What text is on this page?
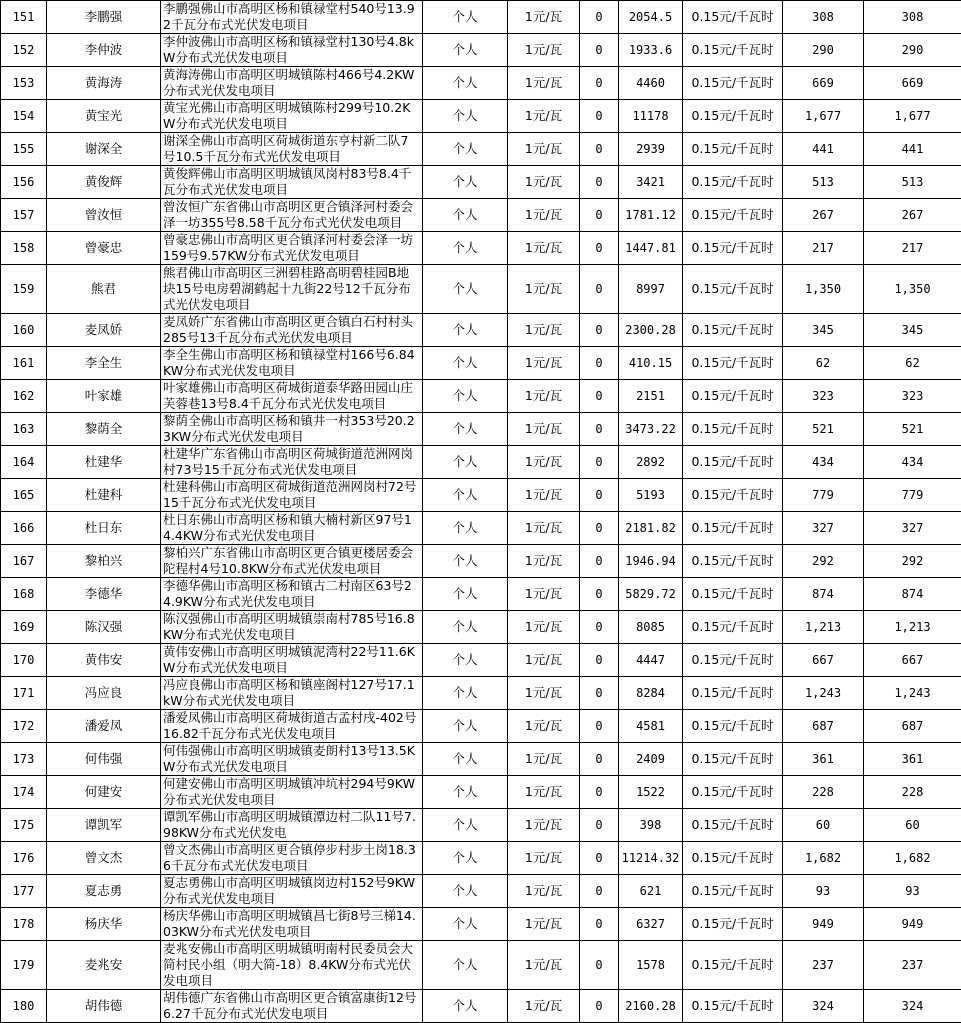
151	李鹏强	李鹏强佛山市高明区杨和镇禄堂村540号13.92千瓦分布式光伏发电项目	个人	1元/瓦	0	2054.5	0.15元/千瓦时	308	308
152	李仲波	李仲波佛山市高明区杨和镇禄堂村130号4.8kW分布式光伏发电项目	个人	1元/瓦	0	1933.6	0.15元/千瓦时	290	290
153	黄海涛	黄海涛佛山市高明区明城镇陈村466号4.2KW分布式光伏发电项目	个人	1元/瓦	0	4460	0.15元/千瓦时	669	669
154	黄宝光	黄宝光佛山市高明区明城镇陈村299号10.2KW分布式光伏发电项目	个人	1元/瓦	0	11178	0.15元/千瓦时	1,677	1,677
155	谢深全	谢深全佛山市高明区荷城街道东亨村新二队7号10.5千瓦分布式光伏发电项目	个人	1元/瓦	0	2939	0.15元/千瓦时	441	441
156	黄俊辉	黄俊辉佛山市高明区明城镇凤岗村83号8.4千瓦分布式光伏发电项目	个人	1元/瓦	0	3421	0.15元/千瓦时	513	513
157	曾汝恒	曾汝恒广东省佛山市高明区更合镇泽河村委会泽一坊355号8.58千瓦分布式光伏发电项目	个人	1元/瓦	0	1781.12	0.15元/千瓦时	267	267
158	曾豪忠	曾豪忠佛山市高明区更合镇泽河村委会泽一坊159号9.57KW分布式光伏发电项目	个人	1元/瓦	0	1447.81	0.15元/千瓦时	217	217
159	熊君	熊君佛山市高明区三洲碧桂路高明碧桂园B地块15号电房碧湖鹤起十九街22号12千瓦分布式光伏发电项目	个人	1元/瓦	0	8997	0.15元/千瓦时	1,350	1,350
160	麦凤娇	麦凤娇广东省佛山市高明区更合镇白石村村头285号13千瓦分布式光伏发电项目	个人	1元/瓦	0	2300.28	0.15元/千瓦时	345	345
161	李全生	李全生佛山市高明区杨和镇禄堂村166号6.84KW分布式光伏发电项目	个人	1元/瓦	0	410.15	0.15元/千瓦时	62	62
162	叶家雄	叶家雄佛山市高明区荷城街道泰华路田园山庄芙蓉巷13号8.4千瓦分布式光伏发电项目	个人	1元/瓦	0	2151	0.15元/千瓦时	323	323
163	黎荫全	黎荫全佛山市高明区杨和镇井一村353号20.23KW分布式光伏发电项目	个人	1元/瓦	0	3473.22	0.15元/千瓦时	521	521
164	杜建华	杜建华广东省佛山市高明区荷城街道范洲网岗村73号15千瓦分布式光伏发电项目	个人	1元/瓦	0	2892	0.15元/千瓦时	434	434
165	杜建科	杜建科佛山市高明区荷城街道范洲网岗村72号15千瓦分布式光伏发电项目	个人	1元/瓦	0	5193	0.15元/千瓦时	779	779
166	杜日东	杜日东佛山市高明区杨和镇大楠村新区97号14.4KW分布式光伏发电项目	个人	1元/瓦	0	2181.82	0.15元/千瓦时	327	327
167	黎柏兴	黎柏兴广东省佛山市高明区更合镇更楼居委会陀程村4号10.8KW分布式光伏发电项目	个人	1元/瓦	0	1946.94	0.15元/千瓦时	292	292
168	李德华	李德华佛山市高明区杨和镇古二村南区63号24.9KW分布式光伏发电项目	个人	1元/瓦	0	5829.72	0.15元/千瓦时	874	874
169	陈汉强	陈汉强佛山市高明区明城镇崇南村785号16.8KW分布式光伏发电项目	个人	1元/瓦	0	8085	0.15元/千瓦时	1,213	1,213
170	黄伟安	黄伟安佛山市高明区明城镇泥湾村22号11.6KW分布式光伏发电项目	个人	1元/瓦	0	4447	0.15元/千瓦时	667	667
171	冯应良	冯应良佛山市高明区杨和镇座阁村127号17.1kW分布式光伏发电项目	个人	1元/瓦	0	8284	0.15元/千瓦时	1,243	1,243
172	潘爱凤	潘爱凤佛山市高明区荷城街道古孟村戌-402号16.82千瓦分布式光伏发电项目	个人	1元/瓦	0	4581	0.15元/千瓦时	687	687
173	何伟强	何伟强佛山市高明区明城镇麦朗村13号13.5KW分布式光伏发电项目	个人	1元/瓦	0	2409	0.15元/千瓦时	361	361
174	何建安	何建安佛山市高明区明城镇冲坑村294号9KW分布式光伏发电项目	个人	1元/瓦	0	1522	0.15元/千瓦时	228	228
175	谭凯军	谭凯军佛山市高明区明城镇潭边村二队11号7.98KW分布式光伏发电	个人	1元/瓦	0	398	0.15元/千瓦时	60	60
176	曾文杰	曾文杰佛山市高明区更合镇停步村步土岗18.36千瓦分布式光伏发电项目	个人	1元/瓦	0	11214.32	0.15元/千瓦时	1,682	1,682
177	夏志勇	夏志勇佛山市高明区明城镇岗边村152号9KW分布式光伏发电项目	个人	1元/瓦	0	621	0.15元/千瓦时	93	93
178	杨庆华	杨庆华佛山市高明区明城镇昌七街8号三梯14.03KW分布式光伏发电项目	个人	1元/瓦	0	6327	0.15元/千瓦时	949	949
179	麦兆安	麦兆安佛山市高明区明城镇明南村民委员会大简村民小组（明大简-18）8.4KW分布式光伏发电项目	个人	1元/瓦	0	1578	0.15元/千瓦时	237	237
180	胡伟德	胡伟德广东省佛山市高明区更合镇富康街12号6.27千瓦分布式光伏发电项目	个人	1元/瓦	0	2160.28	0.15元/千瓦时	324	324
